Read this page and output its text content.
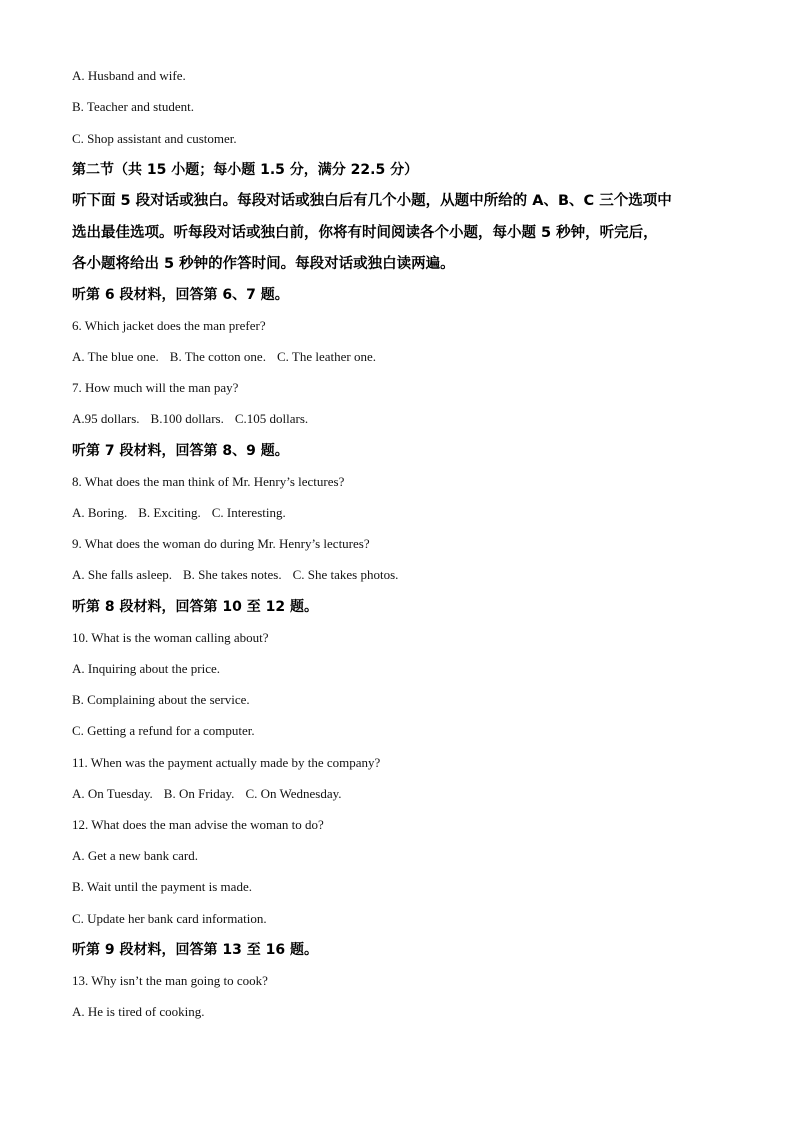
A. Husband and wife.
B. Teacher and student.
C. Shop assistant and customer.
第二节（共 15 小题；每小题 1.5 分，满分 22.5 分）
听下面 5 段对话或独白。每段对话或独白后有几个小题，从题中所给的 A、B、C 三个选项中
选出最佳选项。听每段对话或独白前，你将有时间阅读各个小题，每小题 5 秒钟，听完后，
各小题将给出 5 秒钟的作答时间。每段对话或独白读两遍。
听第 6 段材料，回答第 6、7 题。
6. Which jacket does the man prefer?
A. The blue one. B. The cotton one. C. The leather one.
7. How much will the man pay?
A.95 dollars. B.100 dollars. C.105 dollars.
听第 7 段材料，回答第 8、9 题。
8. What does the man think of Mr. Henry’s lectures?
A. Boring. B. Exciting. C. Interesting.
9. What does the woman do during Mr. Henry’s lectures?
A. She falls asleep. B. She takes notes. C. She takes photos.
听第 8 段材料，回答第 10 至 12 题。
10. What is the woman calling about?
A. Inquiring about the price.
B. Complaining about the service.
C. Getting a refund for a computer.
11. When was the payment actually made by the company?
A. On Tuesday. B. On Friday. C. On Wednesday.
12. What does the man advise the woman to do?
A. Get a new bank card.
B. Wait until the payment is made.
C. Update her bank card information.
听第 9 段材料，回答第 13 至 16 题。
13. Why isn’t the man going to cook?
A. He is tired of cooking.
